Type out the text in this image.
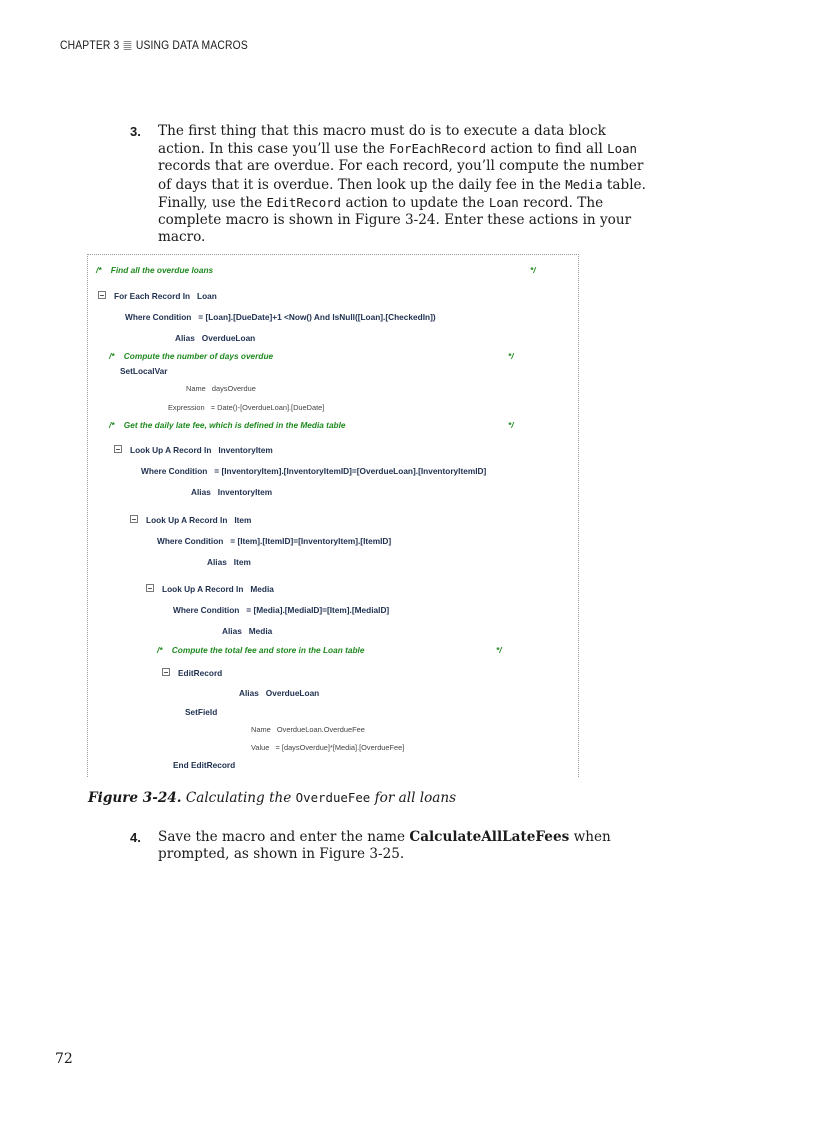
CHAPTER 3 USING DATA MACROS
3. The first thing that this macro must do is to execute a data block action. In this case you’ll use the ForEachRecord action to find all Loan records that are overdue. For each record, you’ll compute the number of days that it is overdue. Then look up the daily fee in the Media table. Finally, use the EditRecord action to update the Loan record. The complete macro is shown in Figure 3-24. Enter these actions in your macro.
/* Find all the overdue loans	*/
For Each Record In Loan
Where Condition = [Loan].[DueDate]+1 <Now() And IsNull([Loan].[CheckedIn])
Alias OverdueLoan
/* Compute the number of days overdue	*/
SetLocalVar
Name daysOverdue
Expression = Date()-[OverdueLoan].[DueDate]
/* Get the daily late fee, which is defined in the Media table	*/
Look Up A Record In InventoryItem
Where Condition = [InventoryItem].[InventoryItemID]=[OverdueLoan].[InventoryItemID]
Alias InventoryItem
Look Up A Record In Item
Where Condition = [Item].[ItemID]=[InventoryItem].[ItemID]
Alias Item
Look Up A Record In Media
Where Condition = [Media].[MediaID]=[Item].[MediaID]
Alias Media
/* Compute the total fee and store in the Loan table	*/
EditRecord
Alias OverdueLoan
SetField
Name OverdueLoan.OverdueFee
Value = [daysOverdue]*[Media].[OverdueFee]
End EditRecord
Figure 3-24. Calculating the OverdueFee for all loans
4. Save the macro and enter the name CalculateAllLateFees when prompted, as shown in Figure 3-25.
72
